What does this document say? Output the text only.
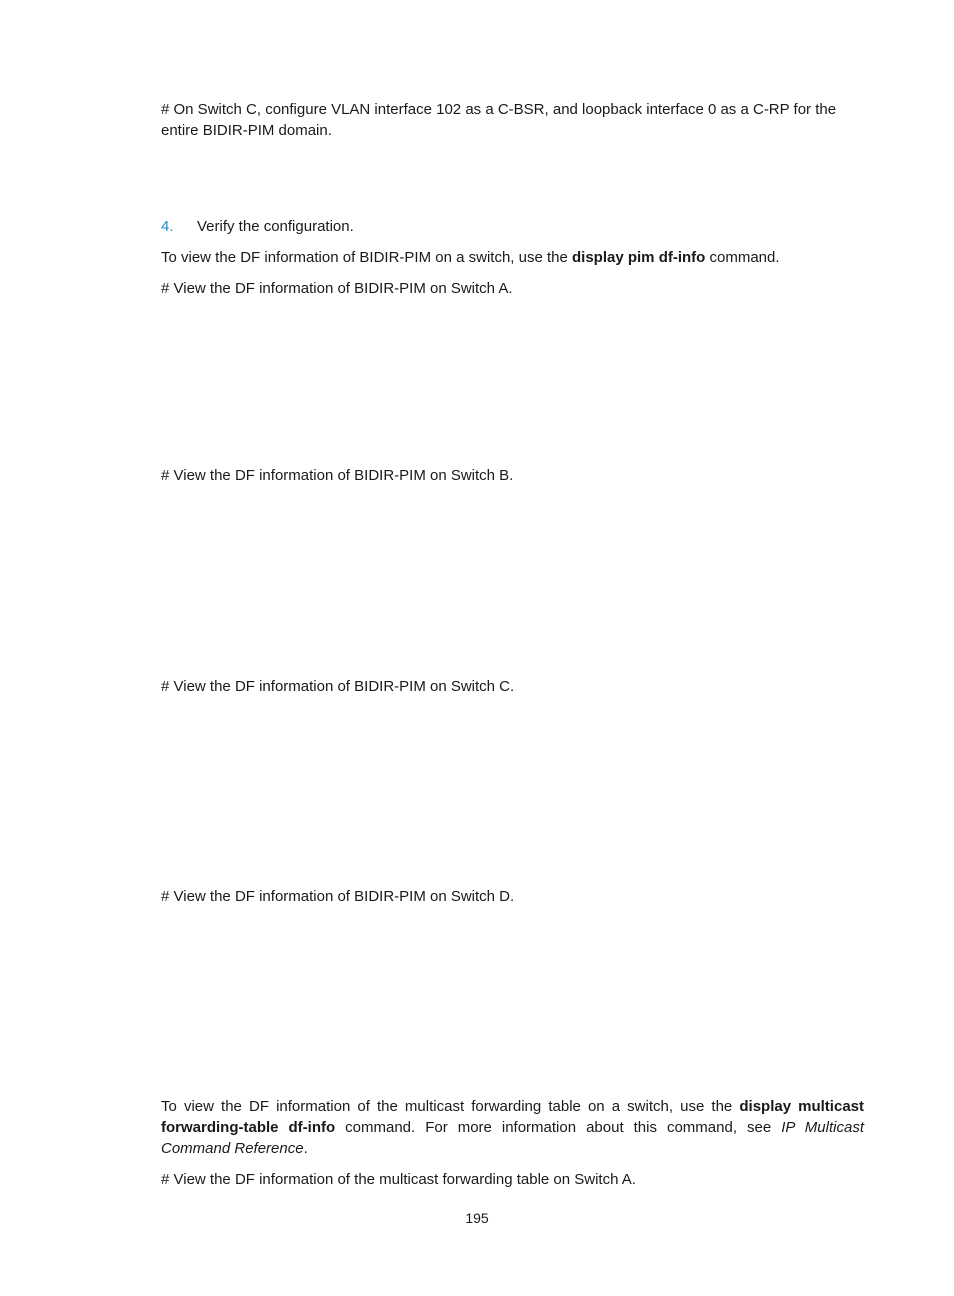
# On Switch C, configure VLAN interface 102 as a C-BSR, and loopback interface 0 as a C-RP for the entire BIDIR-PIM domain.

4. Verify the configuration.

To view the DF information of BIDIR-PIM on a switch, use the display pim df-info command.

# View the DF information of BIDIR-PIM on Switch A.

# View the DF information of BIDIR-PIM on Switch B.

# View the DF information of BIDIR-PIM on Switch C.

# View the DF information of BIDIR-PIM on Switch D.

To view the DF information of the multicast forwarding table on a switch, use the display multicast forwarding-table df-info command. For more information about this command, see IP Multicast Command Reference.

# View the DF information of the multicast forwarding table on Switch A.

195
